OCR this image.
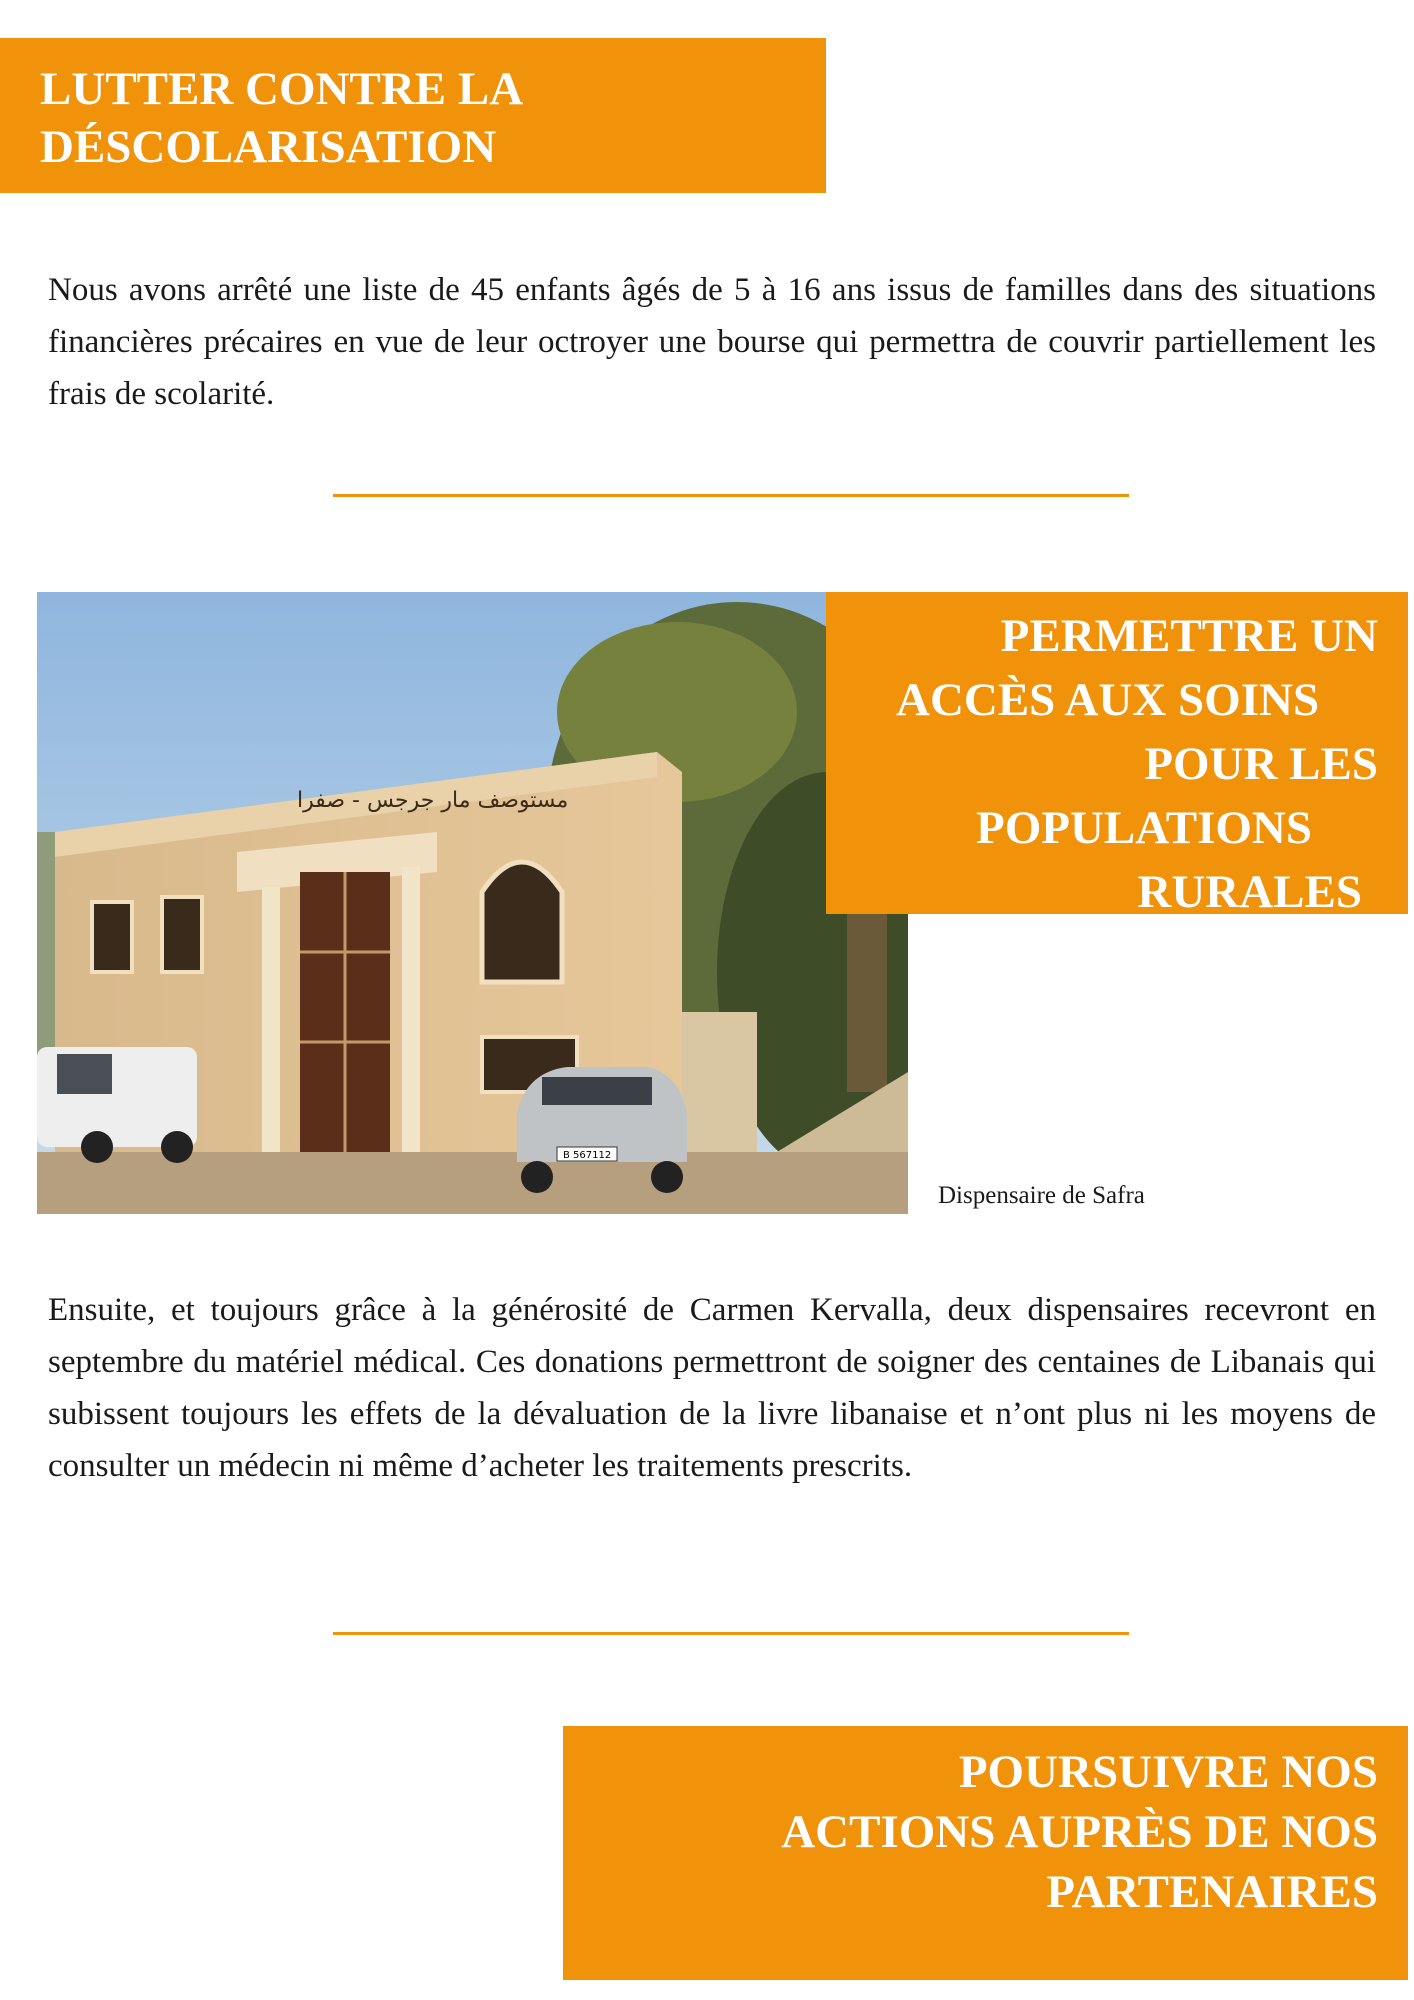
LUTTER CONTRE LA
DÉSCOLARISATION

Nous avons arrêté une liste de 45 enfants âgés de 5 à 16 ans issus de familles dans des situations financières précaires en vue de leur octroyer une bourse qui permettra de couvrir partiellement les frais de scolarité.

مستوصف مار جرجس - صفرا
B 567112
PERMETTRE UN
ACCÈS AUX SOINS
POUR LES
POPULATIONS
RURALES
Dispensaire de Safra

Ensuite, et toujours grâce à la générosité de Carmen Kervalla, deux dispensaires recevront en septembre du matériel médical. Ces donations permettront de soigner des centaines de Libanais qui subissent toujours les effets de la dévaluation de la livre libanaise et n’ont plus ni les moyens de consulter un médecin ni même d’acheter les traitements prescrits.

POURSUIVRE NOS
ACTIONS AUPRÈS DE NOS
PARTENAIRES
